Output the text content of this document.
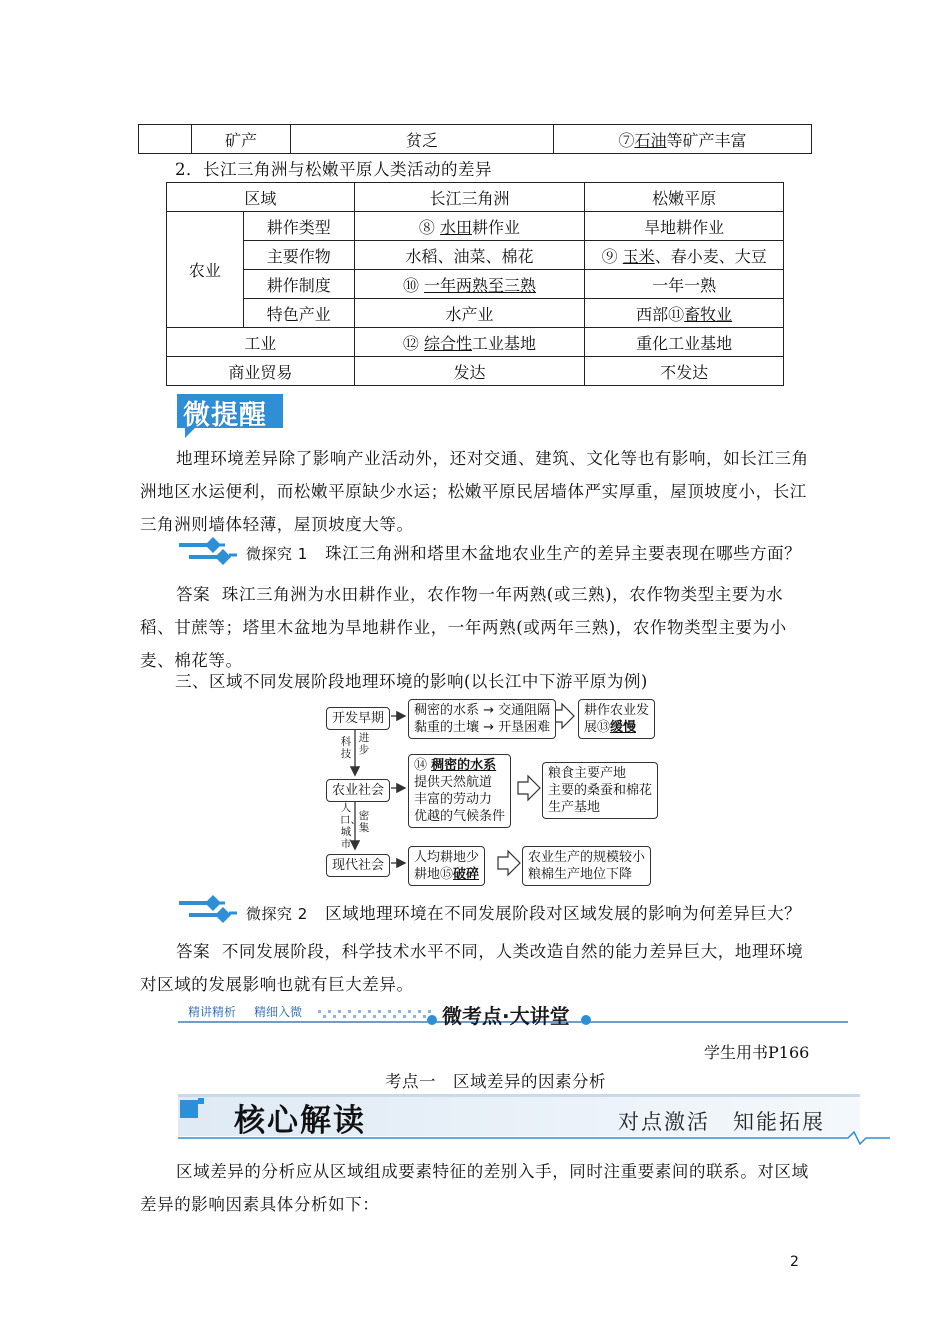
	矿产	贫乏	⑦石油等矿产丰富
2．长江三角洲与松嫩平原人类活动的差异
区域		长江三角洲	松嫩平原
农业	耕作类型	⑧ 水田耕作业	旱地耕作业
	主要作物	水稻、油菜、棉花	⑨ 玉米、春小麦、大豆
	耕作制度	⑩ 一年两熟至三熟	一年一熟
	特色产业	水产业	西部⑪畜牧业
工业		⑫ 综合性工业基地	重化工业基地
商业贸易		发达	不发达
微提醒
地理环境差异除了影响产业活动外，还对交通、建筑、文化等也有影响，如长江三角洲地区水运便利，而松嫩平原缺少水运；松嫩平原民居墙体严实厚重，屋顶坡度小，长江三角洲则墙体轻薄，屋顶坡度大等。
微探究 1 珠江三角洲和塔里木盆地农业生产的差异主要表现在哪些方面？
答案 珠江三角洲为水田耕作业，农作物一年两熟(或三熟)，农作物类型主要为水稻、甘蔗等；塔里木盆地为旱地耕作业，一年两熟(或两年三熟)，农作物类型主要为小麦、棉花等。
三、区域不同发展阶段地理环境的影响(以长江中下游平原为例)
开发早期
农业社会
现代社会
科技
进步
人口、城市
密集
稠密的水系 → 交通阻隔
黏重的土壤 → 开垦困难
耕作农业发
展⑬缓慢
⑭ 稠密的水系
提供天然航道
丰富的劳动力
优越的气候条件
粮食主要产地
主要的桑蚕和棉花
生产基地
人均耕地少
耕地⑮破碎
农业生产的规模较小
粮棉生产地位下降
微探究 2 区域地理环境在不同发展阶段对区域发展的影响为何差异巨大？
答案 不同发展阶段，科学技术水平不同，人类改造自然的能力差异巨大，地理环境对区域的发展影响也就有巨大差异。
精讲精析 精细入微	微考点·大讲堂
学生用书P166
考点一　区域差异的因素分析
核心解读	对点激活　知能拓展
区域差异的分析应从区域组成要素特征的差别入手，同时注重要素间的联系。对区域差异的影响因素具体分析如下：
2
